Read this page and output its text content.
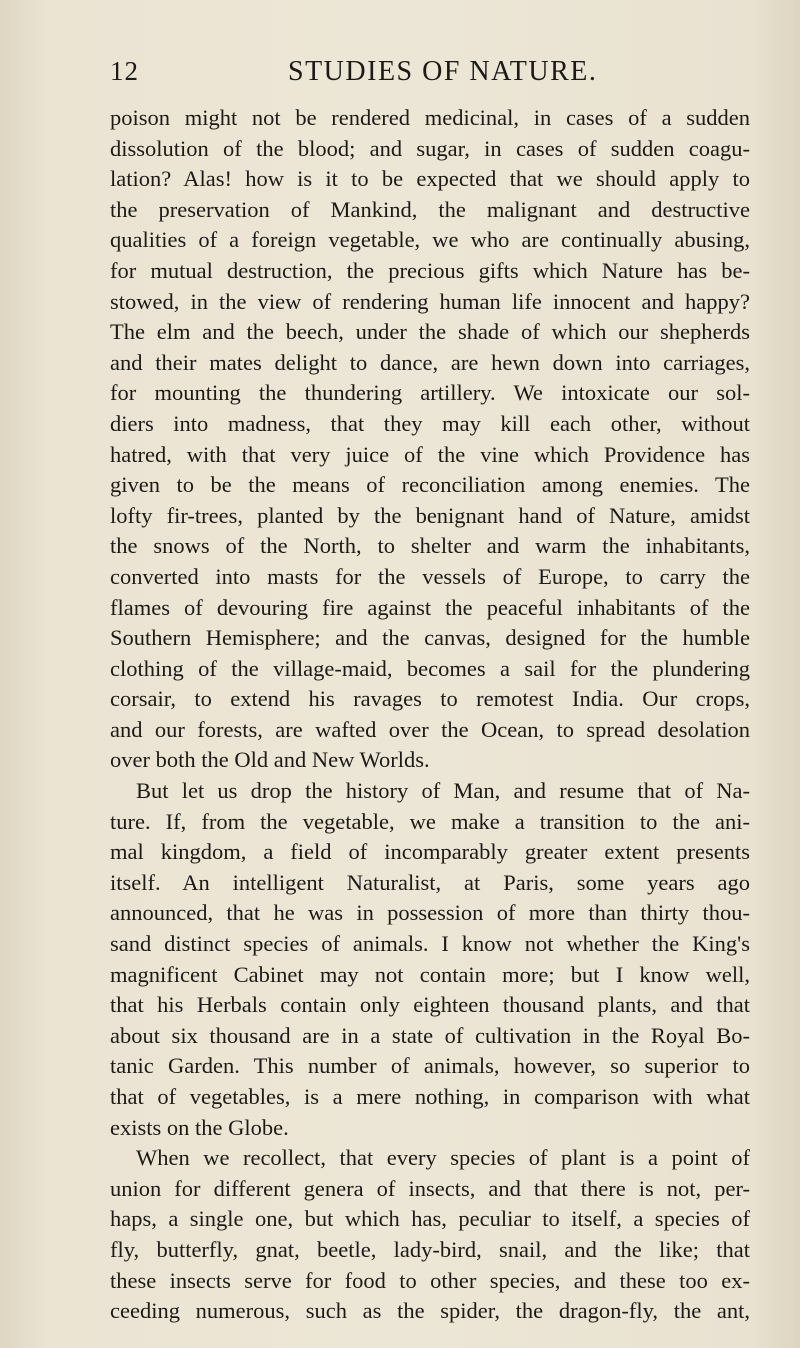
12	STUDIES OF NATURE.
poison might not be rendered medicinal, in cases of a sudden
dissolution of the blood; and sugar, in cases of sudden coagu-
lation? Alas! how is it to be expected that we should apply to
the preservation of Mankind, the malignant and destructive
qualities of a foreign vegetable, we who are continually abusing,
for mutual destruction, the precious gifts which Nature has be-
stowed, in the view of rendering human life innocent and happy?
The elm and the beech, under the shade of which our shepherds
and their mates delight to dance, are hewn down into carriages,
for mounting the thundering artillery. We intoxicate our sol-
diers into madness, that they may kill each other, without
hatred, with that very juice of the vine which Providence has
given to be the means of reconciliation among enemies. The
lofty fir-trees, planted by the benignant hand of Nature, amidst
the snows of the North, to shelter and warm the inhabitants,
converted into masts for the vessels of Europe, to carry the
flames of devouring fire against the peaceful inhabitants of the
Southern Hemisphere; and the canvas, designed for the humble
clothing of the village-maid, becomes a sail for the plundering
corsair, to extend his ravages to remotest India. Our crops,
and our forests, are wafted over the Ocean, to spread desolation
over both the Old and New Worlds.
But let us drop the history of Man, and resume that of Na-
ture. If, from the vegetable, we make a transition to the ani-
mal kingdom, a field of incomparably greater extent presents
itself. An intelligent Naturalist, at Paris, some years ago
announced, that he was in possession of more than thirty thou-
sand distinct species of animals. I know not whether the King's
magnificent Cabinet may not contain more; but I know well,
that his Herbals contain only eighteen thousand plants, and that
about six thousand are in a state of cultivation in the Royal Bo-
tanic Garden. This number of animals, however, so superior to
that of vegetables, is a mere nothing, in comparison with what
exists on the Globe.
When we recollect, that every species of plant is a point of
union for different genera of insects, and that there is not, per-
haps, a single one, but which has, peculiar to itself, a species of
fly, butterfly, gnat, beetle, lady-bird, snail, and the like; that
these insects serve for food to other species, and these too ex-
ceeding numerous, such as the spider, the dragon-fly, the ant,
